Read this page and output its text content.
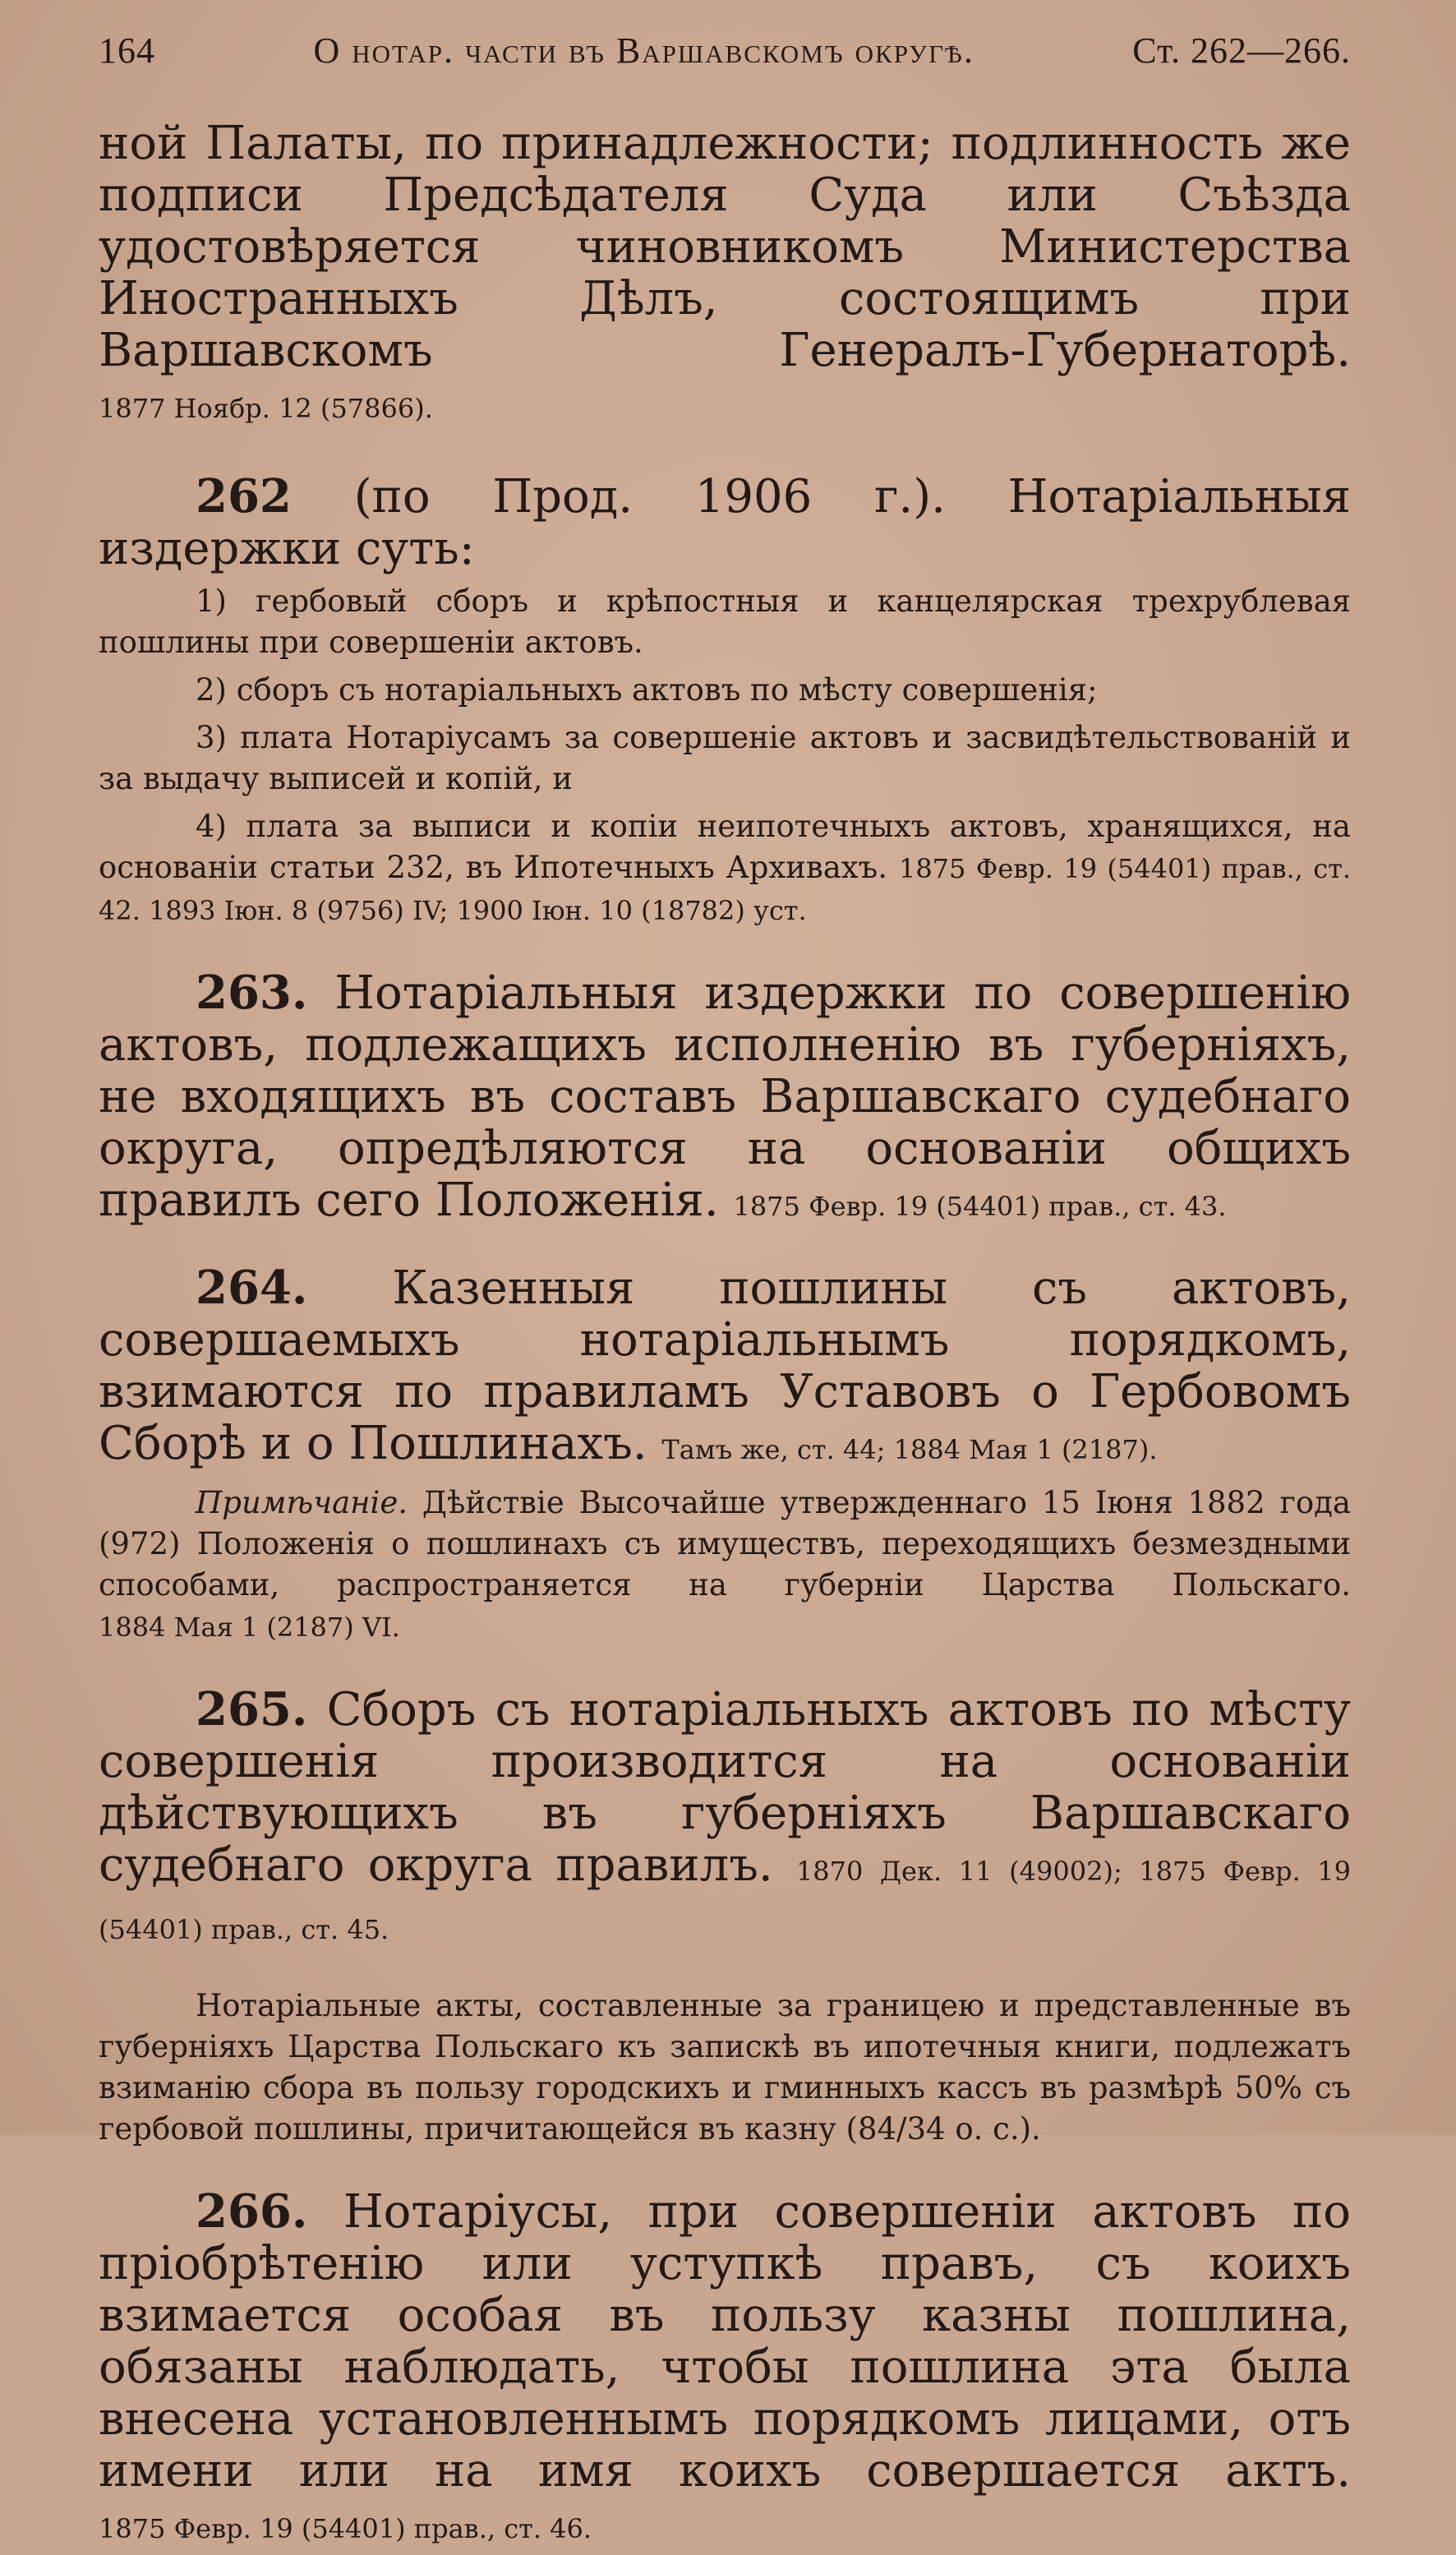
164	О нотар. части въ Варшавскомъ округѣ.	Ст. 262—266.

ной Палаты, по принадлежности; подлинность же подписи Предсѣдателя Суда или Съѣзда удостовѣряется чиновникомъ Министерства Иностранныхъ Дѣлъ, состоящимъ при Варшавскомъ Генералъ-Губернаторѣ. 1877 Ноябр. 12 (57866).

262 (по Прод. 1906 г.). Нотаріальныя издержки суть:

1) гербовый сборъ и крѣпостныя и канцелярская трехрублевая пошлины при совершеніи актовъ.

2) сборъ съ нотаріальныхъ актовъ по мѣсту совершенія;

3) плата Нотаріусамъ за совершеніе актовъ и засвидѣтельствованій и за выдачу выписей и копій, и

4) плата за выписи и копіи неипотечныхъ актовъ, хранящихся, на основаніи статьи 232, въ Ипотечныхъ Архивахъ. 1875 Февр. 19 (54401) прав., ст. 42. 1893 Іюн. 8 (9756) IV; 1900 Іюн. 10 (18782) уст.

263. Нотаріальныя издержки по совершенію актовъ, подлежащихъ исполненію въ губерніяхъ, не входящихъ въ составъ Варшавскаго судебнаго округа, опредѣляются на основаніи общихъ правилъ сего Положенія. 1875 Февр. 19 (54401) прав., ст. 43.

264. Казенныя пошлины съ актовъ, совершаемыхъ нотаріальнымъ порядкомъ, взимаются по правиламъ Уставовъ о Гербовомъ Сборѣ и о Пошлинахъ. Тамъ же, ст. 44; 1884 Мая 1 (2187).

Примѣчаніе. Дѣйствіе Высочайше утвержденнаго 15 Іюня 1882 года (972) Положенія о пошлинахъ съ имуществъ, переходящихъ безмездными способами, распространяется на губерніи Царства Польскаго. 1884 Мая 1 (2187) VI.

265. Сборъ съ нотаріальныхъ актовъ по мѣсту совершенія производится на основаніи дѣйствующихъ въ губерніяхъ Варшавскаго судебнаго округа правилъ. 1870 Дек. 11 (49002); 1875 Февр. 19 (54401) прав., ст. 45.

Нотаріальные акты, составленные за границею и представленные въ губерніяхъ Царства Польскаго къ запискѣ въ ипотечныя книги, подлежатъ взиманію сбора въ пользу городскихъ и гминныхъ кассъ въ размѣрѣ 50% съ гербовой пошлины, причитающейся въ казну (84/34 о. с.).

266. Нотаріусы, при совершеніи актовъ по пріобрѣтенію или уступкѣ правъ, съ коихъ взимается особая въ пользу казны пошлина, обязаны наблюдать, чтобы пошлина эта была внесена установленнымъ порядкомъ лицами, отъ имени или на имя коихъ совершается актъ. 1875 Февр. 19 (54401) прав., ст. 46.
